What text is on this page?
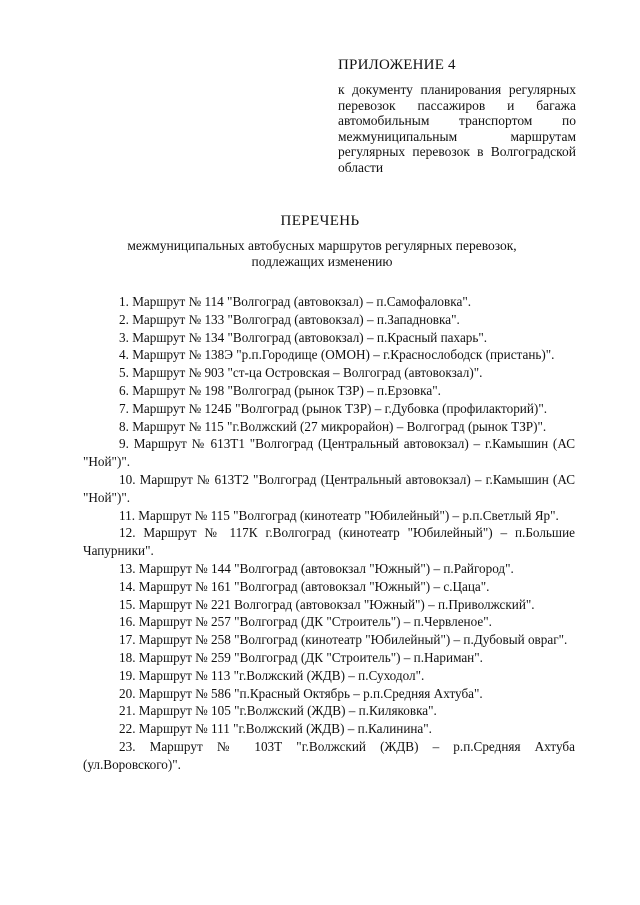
ПРИЛОЖЕНИЕ 4

к документу планирования регулярных перевозок пассажиров и багажа автомобильным транспортом по межмуниципальным маршрутам регулярных перевозок в Волгоградской области

ПЕРЕЧЕНЬ

межмуниципальных автобусных маршрутов регулярных перевозок, подлежащих изменению

1. Маршрут № 114 "Волгоград (автовокзал) – п.Самофаловка".

2. Маршрут № 133 "Волгоград (автовокзал) – п.Западновка".

3. Маршрут № 134 "Волгоград (автовокзал) – п.Красный пахарь".

4. Маршрут № 138Э "р.п.Городище (ОМОН) – г.Краснослободск (пристань)".

5. Маршрут № 903 "ст-ца Островская – Волгоград (автовокзал)".

6. Маршрут № 198 "Волгоград (рынок ТЗР) – п.Ерзовка".

7. Маршрут № 124Б "Волгоград (рынок ТЗР) – г.Дубовка (профилакторий)".

8. Маршрут № 115 "г.Волжский (27 микрорайон) – Волгоград (рынок ТЗР)".

9. Маршрут № 613Т1 "Волгоград (Центральный автовокзал) – г.Камышин (АС "Ной")".

10. Маршрут № 613Т2 "Волгоград (Центральный автовокзал) – г.Камышин (АС "Ной")".

11. Маршрут № 115 "Волгоград (кинотеатр "Юбилейный") – р.п.Светлый Яр".

12. Маршрут № 117К г.Волгоград (кинотеатр "Юбилейный") – п.Большие Чапурники".

13. Маршрут № 144 "Волгоград (автовокзал "Южный") – п.Райгород".

14. Маршрут № 161 "Волгоград (автовокзал "Южный") – с.Цаца".

15. Маршрут № 221 Волгоград (автовокзал "Южный") – п.Приволжский".

16. Маршрут № 257 "Волгоград (ДК "Строитель") – п.Червленое".

17. Маршрут № 258 "Волгоград (кинотеатр "Юбилейный") – п.Дубовый овраг".

18. Маршрут № 259 "Волгоград (ДК "Строитель") – п.Нариман".

19. Маршрут № 113 "г.Волжский (ЖДВ) – п.Суходол".

20. Маршрут № 586 "п.Красный Октябрь – р.п.Средняя Ахтуба".

21. Маршрут № 105 "г.Волжский (ЖДВ) – п.Киляковка".

22. Маршрут № 111 "г.Волжский (ЖДВ) – п.Калинина".

23. Маршрут № 103Т "г.Волжский (ЖДВ) – р.п.Средняя Ахтуба (ул.Воровского)".
